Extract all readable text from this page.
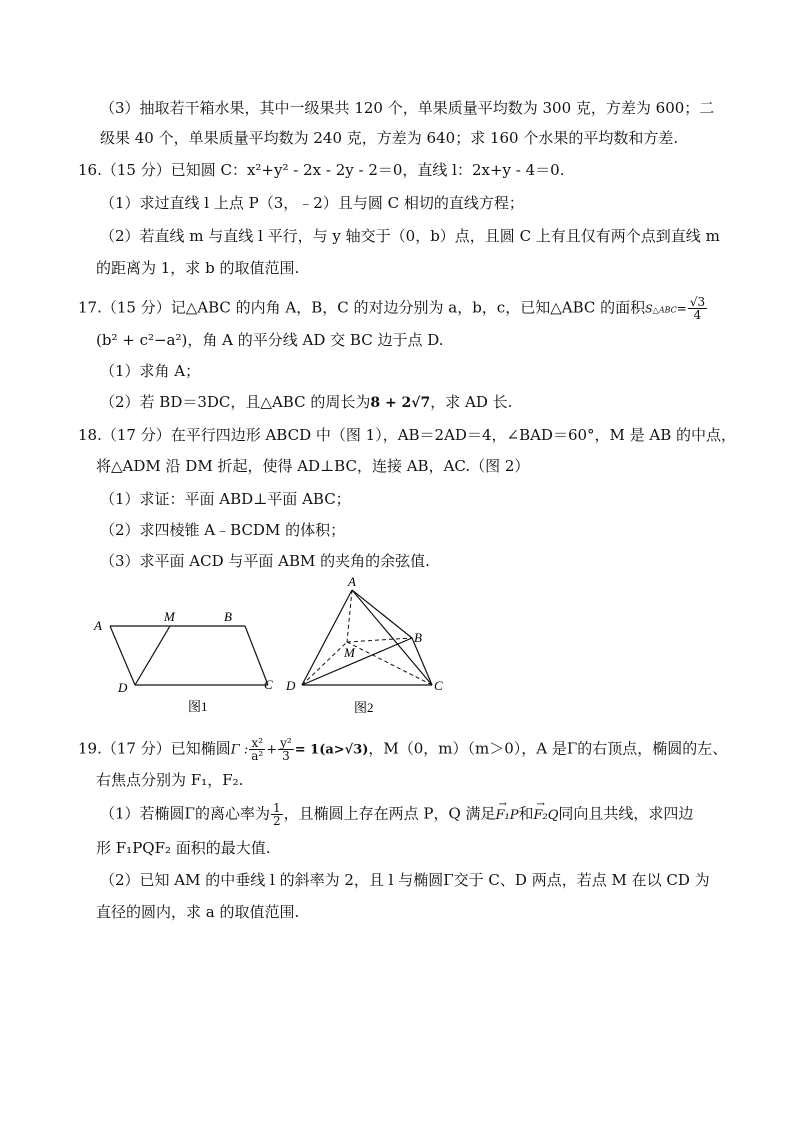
（3）抽取若干箱水果，其中一级果共 120 个，单果质量平均数为 300 克，方差为 600；二
级果 40 个，单果质量平均数为 240 克，方差为 640；求 160 个水果的平均数和方差.
16.（15 分）已知圆 C：x²+y² - 2x - 2y - 2＝0，直线 l：2x+y - 4＝0.
（1）求过直线 l 上点 P（3，﹣2）且与圆 C 相切的直线方程；
（2）若直线 m 与直线 l 平行，与 y 轴交于（0，b）点，且圆 C 上有且仅有两个点到直线 m
的距离为 1，求 b 的取值范围.
17.（15 分）记△ABC 的内角 A，B，C 的对边分别为 a，b，c，已知△ABC 的面积S△ABC= $\frac{√3}{4}$
(b² + c²−a²)，角 A 的平分线 AD 交 BC 边于点 D.
（1）求角 A；
（2）若 BD＝3DC，且△ABC 的周长为8 + 2√7，求 AD 长.
18.（17 分）在平行四边形 ABCD 中（图 1），AB＝2AD＝4，∠BAD＝60°，M 是 AB 的中点，
将△ADM 沿 DM 折起，使得 AD⊥BC，连接 AB，AC.（图 2）
（1）求证：平面 ABD⊥平面 ABC；
（2）求四棱锥 A﹣BCDM 的体积；
（3）求平面 ACD 与平面 ABM 的夹角的余弦值.
A
M	B
D	C
图1
A
B
M
D	C
图2
19.（17 分）已知椭圆Γ : $\frac{\text{x²}}{\text{a²}} + \frac{\text{y²}}{3} = 1(a>√3)$，M（0，m）（m＞0），A 是Γ的右顶点，椭圆的左、
右焦点分别为 F₁，F₂.
（1）若椭圆Γ的离心率为 $\frac{1}{2}$ ，且椭圆上存在两点 P，Q 满足→ F₁P和→ F₂Q同向且共线，求四边
形 F₁PQF₂ 面积的最大值.
（2）已知 AM 的中垂线 l 的斜率为 2，且 l 与椭圆Γ交于 C、D 两点，若点 M 在以 CD 为
直径的圆内，求 a 的取值范围.
